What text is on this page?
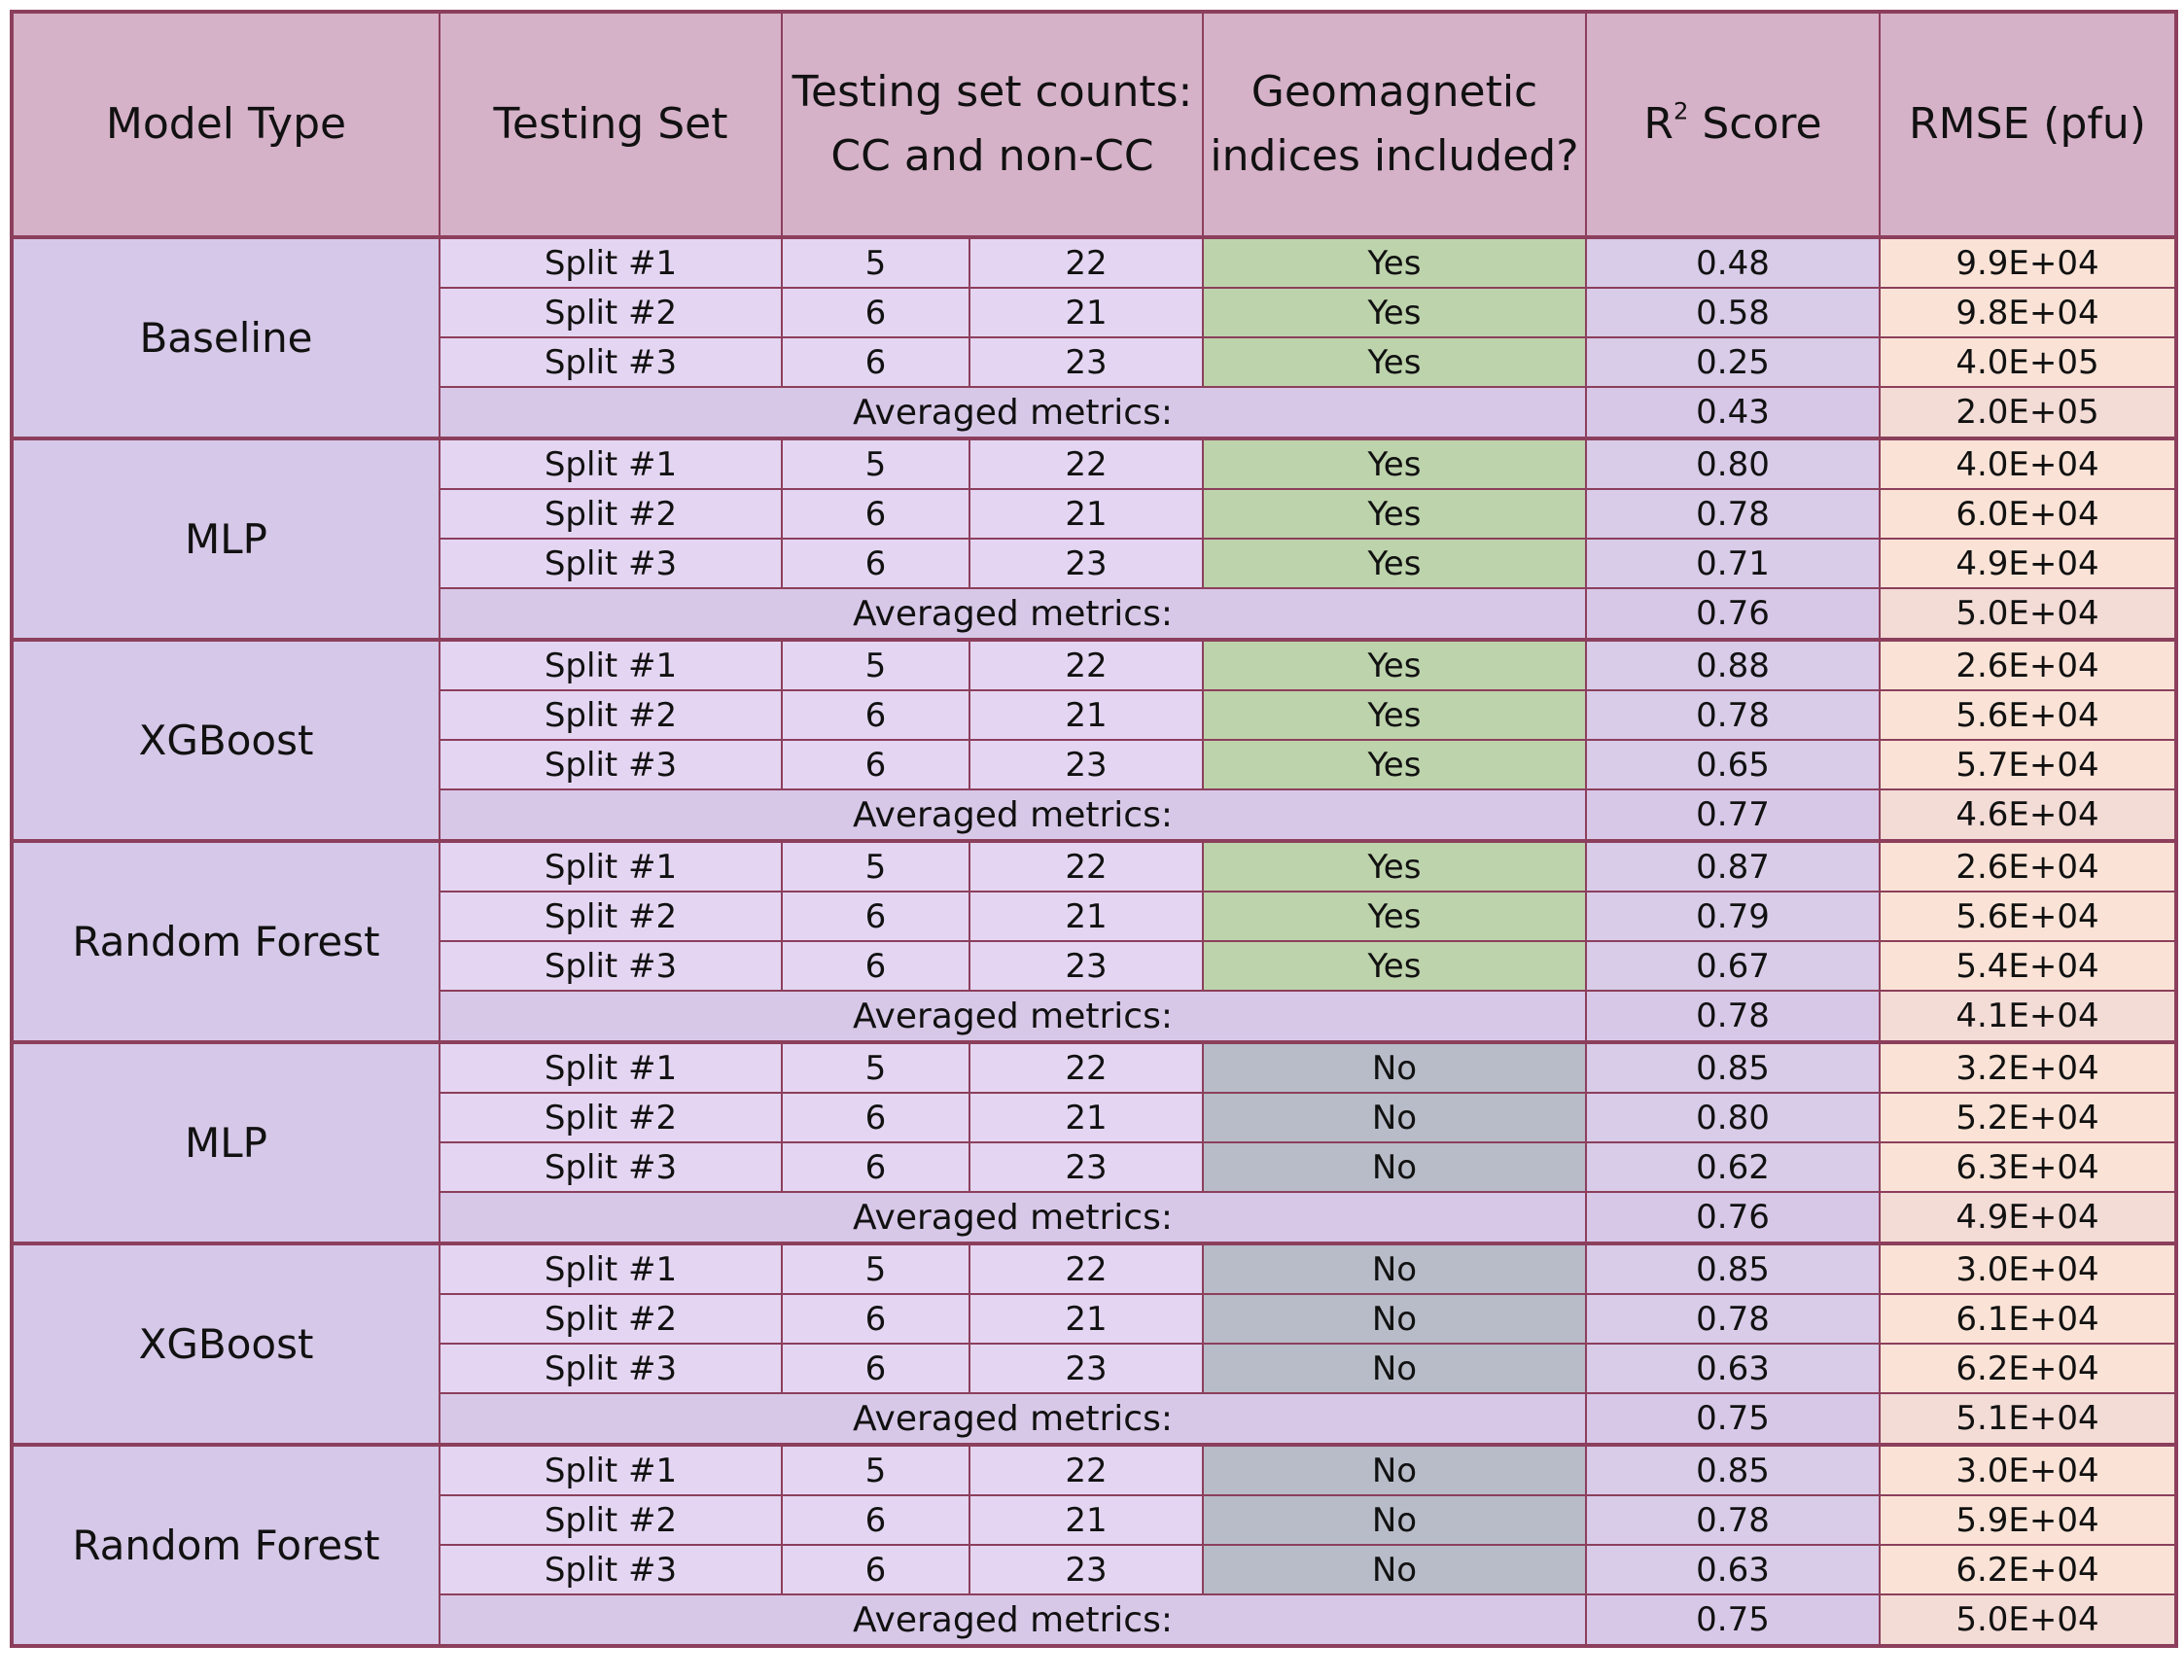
Model Type	Testing Set	Testing set counts: CC and non-CC		Geomagnetic indices included?	$R^2$ Score	RMSE (pfu)
Baseline	Split #1	5	22	Yes	0.48	9.9E+04
	Split #2	6	21	Yes	0.58	9.8E+04
	Split #3	6	23	Yes	0.25	4.0E+05
	Averaged metrics:				0.43	2.0E+05
MLP	Split #1	5	22	Yes	0.80	4.0E+04
	Split #2	6	21	Yes	0.78	6.0E+04
	Split #3	6	23	Yes	0.71	4.9E+04
	Averaged metrics:				0.76	5.0E+04
XGBoost	Split #1	5	22	Yes	0.88	2.6E+04
	Split #2	6	21	Yes	0.78	5.6E+04
	Split #3	6	23	Yes	0.65	5.7E+04
	Averaged metrics:				0.77	4.6E+04
Random Forest	Split #1	5	22	Yes	0.87	2.6E+04
	Split #2	6	21	Yes	0.79	5.6E+04
	Split #3	6	23	Yes	0.67	5.4E+04
	Averaged metrics:				0.78	4.1E+04
MLP	Split #1	5	22	No	0.85	3.2E+04
	Split #2	6	21	No	0.80	5.2E+04
	Split #3	6	23	No	0.62	6.3E+04
	Averaged metrics:				0.76	4.9E+04
XGBoost	Split #1	5	22	No	0.85	3.0E+04
	Split #2	6	21	No	0.78	6.1E+04
	Split #3	6	23	No	0.63	6.2E+04
	Averaged metrics:				0.75	5.1E+04
Random Forest	Split #1	5	22	No	0.85	3.0E+04
	Split #2	6	21	No	0.78	5.9E+04
	Split #3	6	23	No	0.63	6.2E+04
	Averaged metrics:				0.75	5.0E+04
